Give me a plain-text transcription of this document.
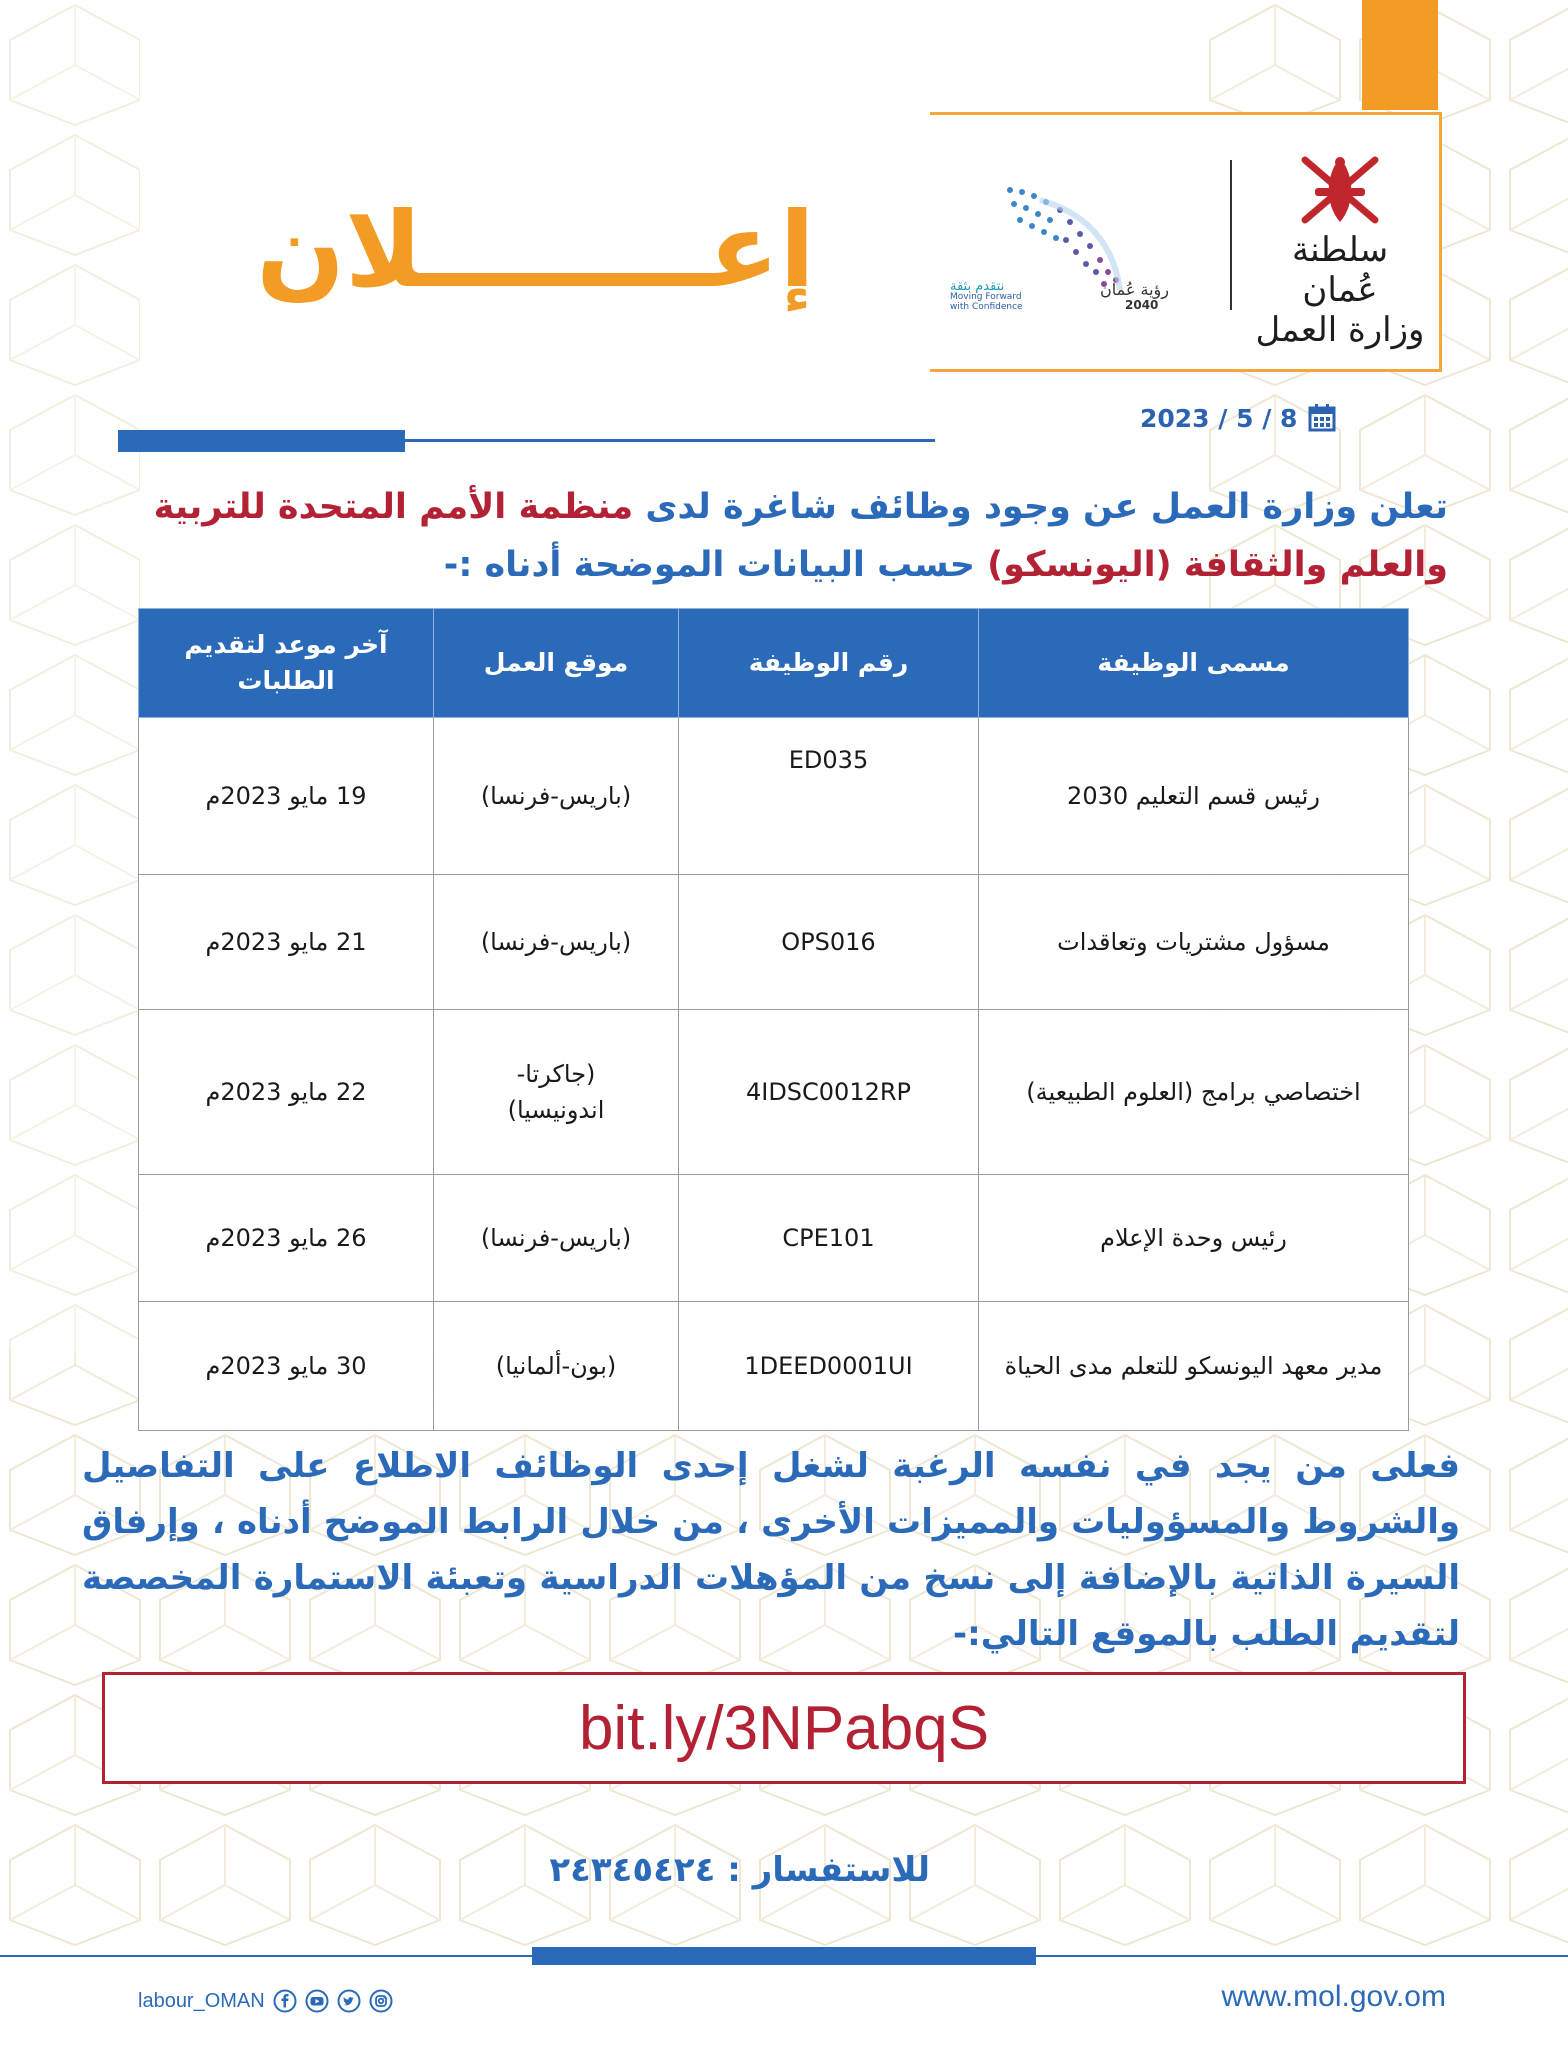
سلطنة عُمان
وزارة العمل
رؤية عُمان
2040
نتقدم بثقة
Moving Forward with Confidence
إعــــــــلان
2023 / 5 / 8
تعلن وزارة العمل عن وجود وظائف شاغرة لدى منظمة الأمم المتحدة للتربية والعلم والثقافة (اليونسكو) حسب البيانات الموضحة أدناه :-
مسمى الوظيفة	رقم الوظيفة	موقع العمل	آخر موعد لتقديم الطلبات
رئيس قسم التعليم 2030	ED035	(باريس-فرنسا)	19 مايو 2023م
مسؤول مشتريات وتعاقدات	OPS016	(باريس-فرنسا)	21 مايو 2023م
اختصاصي برامج (العلوم الطبيعية)	4IDSC0012RP	(جاكرتا-اندونيسيا)	22 مايو 2023م
رئيس وحدة الإعلام	CPE101	(باريس-فرنسا)	26 مايو 2023م
مدير معهد اليونسكو للتعلم مدى الحياة	1DEED0001UI	(بون-ألمانيا)	30 مايو 2023م
فعلى من يجد في نفسه الرغبة لشغل إحدى الوظائف الاطلاع على التفاصيل والشروط والمسؤوليات والمميزات الأخرى ، من خلال الرابط الموضح أدناه ، وإرفاق السيرة الذاتية بالإضافة إلى نسخ من المؤهلات الدراسية وتعبئة الاستمارة المخصصة لتقديم الطلب بالموقع التالي:-
bit.ly/3NPabqS
للاستفسار : ٢٤٣٤٥٤٢٤
labour_OMAN	www.mol.gov.om
